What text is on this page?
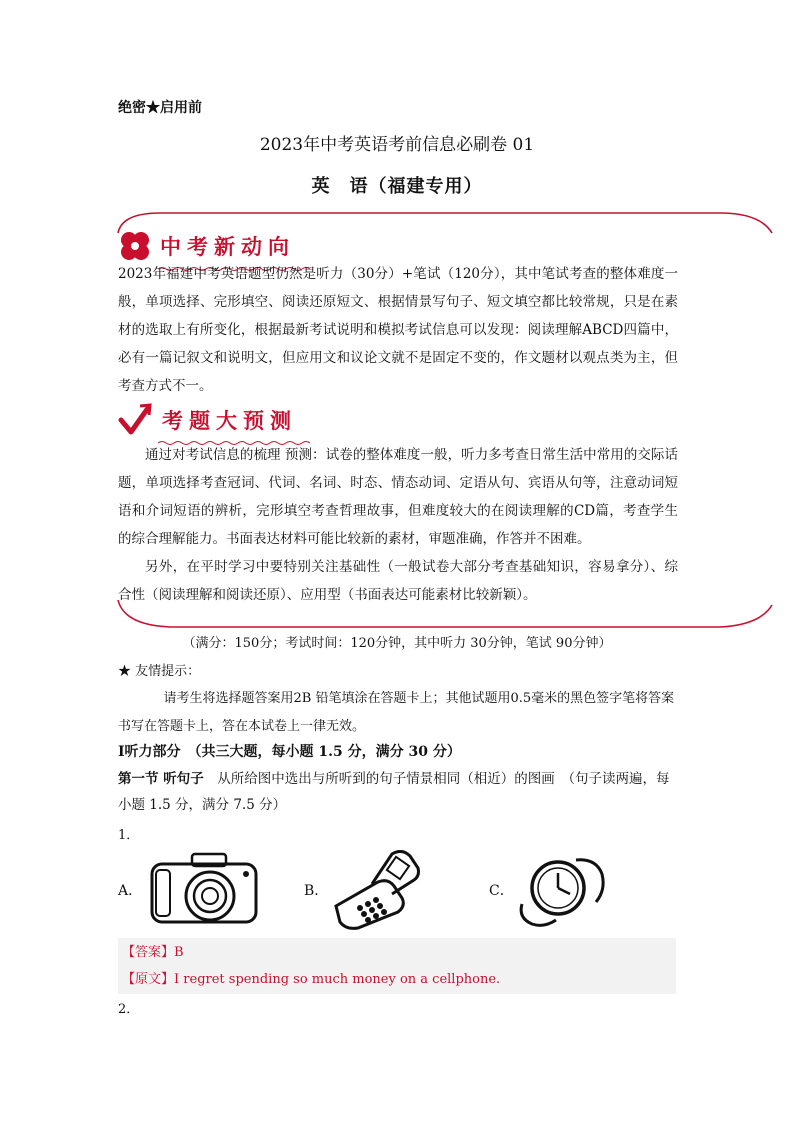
绝密★启用前
2023年中考英语考前信息必刷卷 01
英　语（福建专用）
中考新动向
2023年福建中考英语题型仍然是听力（30分）+笔试（120分），其中笔试考查的整体难度一般，单项选择、完形填空、阅读还原短文、根据情景写句子、短文填空都比较常规，只是在素材的选取上有所变化，根据最新考试说明和模拟考试信息可以发现：阅读理解ABCD四篇中，必有一篇记叙文和说明文，但应用文和议论文就不是固定不变的，作文题材以观点类为主，但考查方式不一。
考题大预测
通过对考试信息的梳理 预测：试卷的整体难度一般，听力多考查日常生活中常用的交际话题，单项选择考查冠词、代词、名词、时态、情态动词、定语从句、宾语从句等，注意动词短语和介词短语的辨析，完形填空考查哲理故事，但难度较大的在阅读理解的CD篇，考查学生的综合理解能力。书面表达材料可能比较新的素材，审题准确，作答并不困难。
另外，在平时学习中要特别关注基础性（一般试卷大部分考查基础知识，容易拿分）、综合性（阅读理解和阅读还原）、应用型（书面表达可能素材比较新颖）。
（满分：150分；考试时间：120分钟，其中听力 30分钟，笔试 90分钟）
★ 友情提示：
请考生将选择题答案用2B 铅笔填涂在答题卡上；其他试题用0.5毫米的黑色签字笔将答案书写在答题卡上，答在本试卷上一律无效。
Ⅰ听力部分　（共三大题，每小题 1.5 分，满分 30 分）
第一节 听句子　从所给图中选出与所听到的句子情景相同（相近）的图画　（句子读两遍，每小题 1.5 分，满分 7.5 分）
1．
A．	B．	C．
【答案】B
【原文】I regret spending so much money on a cellphone.
2．
